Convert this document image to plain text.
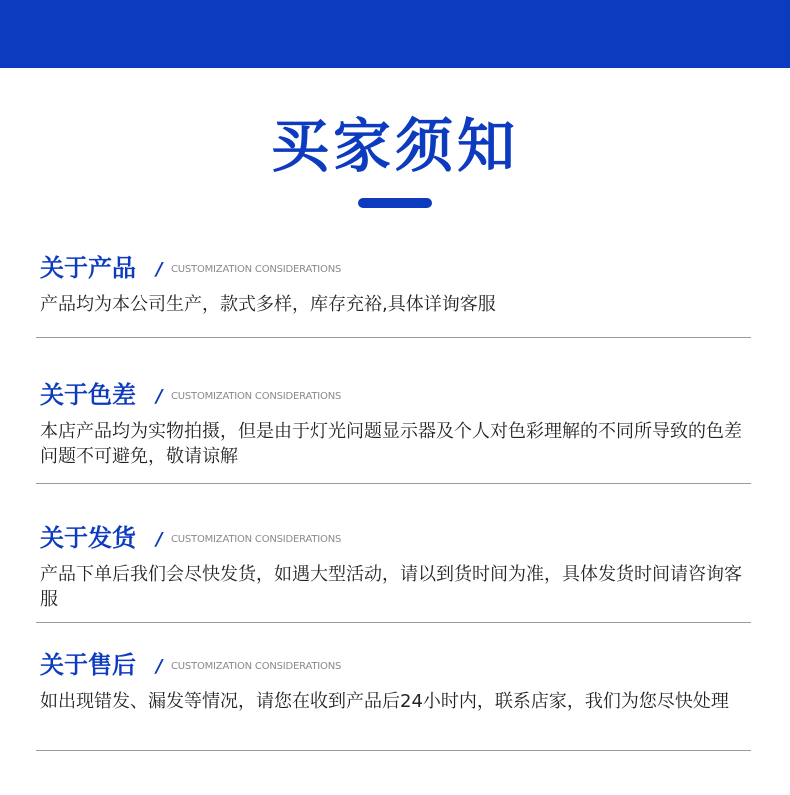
买家须知
关于产品 / CUSTOMIZATION CONSIDERATIONS
产品均为本公司生产，款式多样，库存充裕,具体详询客服
关于色差 / CUSTOMIZATION CONSIDERATIONS
本店产品均为实物拍摄，但是由于灯光问题显示器及个人对色彩理解的不同所导致的色差问题不可避免，敬请谅解
关于发货 / CUSTOMIZATION CONSIDERATIONS
产品下单后我们会尽快发货，如遇大型活动，请以到货时间为准，具体发货时间请咨询客服
关于售后 / CUSTOMIZATION CONSIDERATIONS
如出现错发、漏发等情况，请您在收到产品后24小时内，联系店家，我们为您尽快处理
